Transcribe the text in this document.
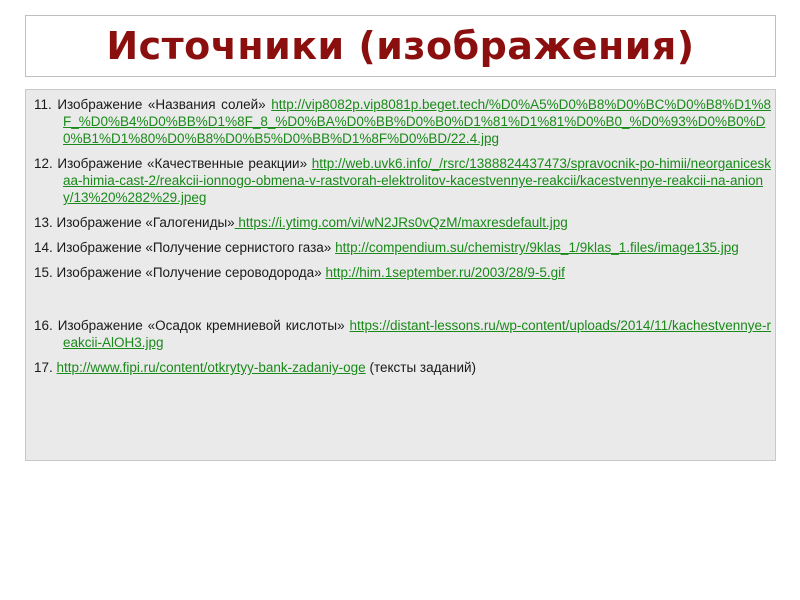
Источники (изображения)
11. Изображение «Названия солей» http://vip8082p.vip8081p.beget.tech/%D0%A5%D0%B8%D0%BC%D0%B8%D1%8F_%D0%B4%D0%BB%D1%8F_8_%D0%BA%D0%BB%D0%B0%D1%81%D1%81%D0%B0_%D0%93%D0%B0%D0%B1%D1%80%D0%B8%D0%B5%D0%BB%D1%8F%D0%BD/22.4.jpg
12. Изображение «Качественные реакции» http://web.uvk6.info/_/rsrc/1388824437473/spravocnik-po-himii/neorganiceskaa-himia-cast-2/reakcii-ionnogo-obmena-v-rastvorah-elektrolitov-kacestvennye-reakcii/kacestvennye-reakcii-na-aniony/13%20%282%29.jpeg
13. Изображение «Галогениды» https://i.ytimg.com/vi/wN2JRs0vQzM/maxresdefault.jpg
14. Изображение «Получение сернистого газа» http://compendium.su/chemistry/9klas_1/9klas_1.files/image135.jpg
15. Изображение «Получение сероводорода» http://him.1september.ru/2003/28/9-5.gif
16. Изображение «Осадок кремниевой кислоты» https://distant-lessons.ru/wp-content/uploads/2014/11/kachestvennye-reakcii-AlOH3.jpg
17. http://www.fipi.ru/content/otkrytyy-bank-zadaniy-oge (тексты заданий)
